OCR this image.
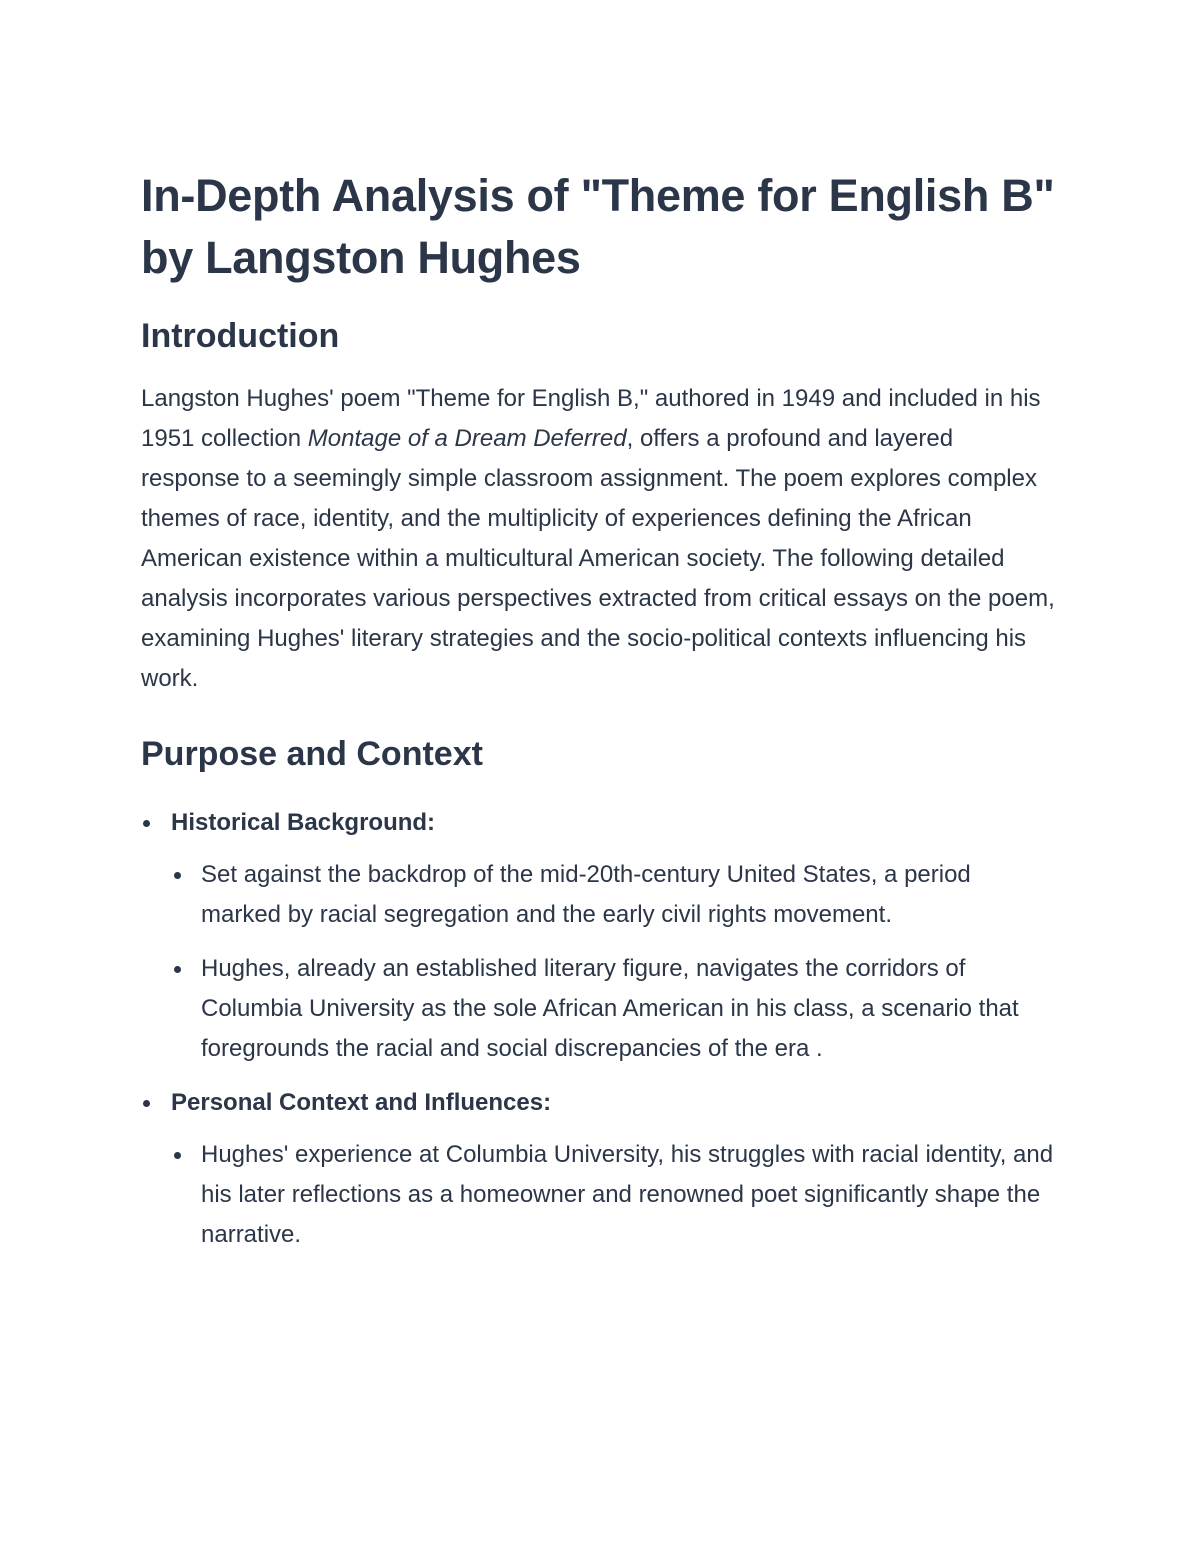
In-Depth Analysis of "Theme for English B" by Langston Hughes
Introduction

Langston Hughes' poem "Theme for English B," authored in 1949 and included in his 1951 collection Montage of a Dream Deferred, offers a profound and layered response to a seemingly simple classroom assignment. The poem explores complex themes of race, identity, and the multiplicity of experiences defining the African American existence within a multicultural American society. The following detailed analysis incorporates various perspectives extracted from critical essays on the poem, examining Hughes' literary strategies and the socio-political contexts influencing his work.

Purpose and Context
Historical Background:
Set against the backdrop of the mid-20th-century United States, a period marked by racial segregation and the early civil rights movement.
Hughes, already an established literary figure, navigates the corridors of Columbia University as the sole African American in his class, a scenario that foregrounds the racial and social discrepancies of the era .
Personal Context and Influences:
Hughes' experience at Columbia University, his struggles with racial identity, and his later reflections as a homeowner and renowned poet significantly shape the narrative.
